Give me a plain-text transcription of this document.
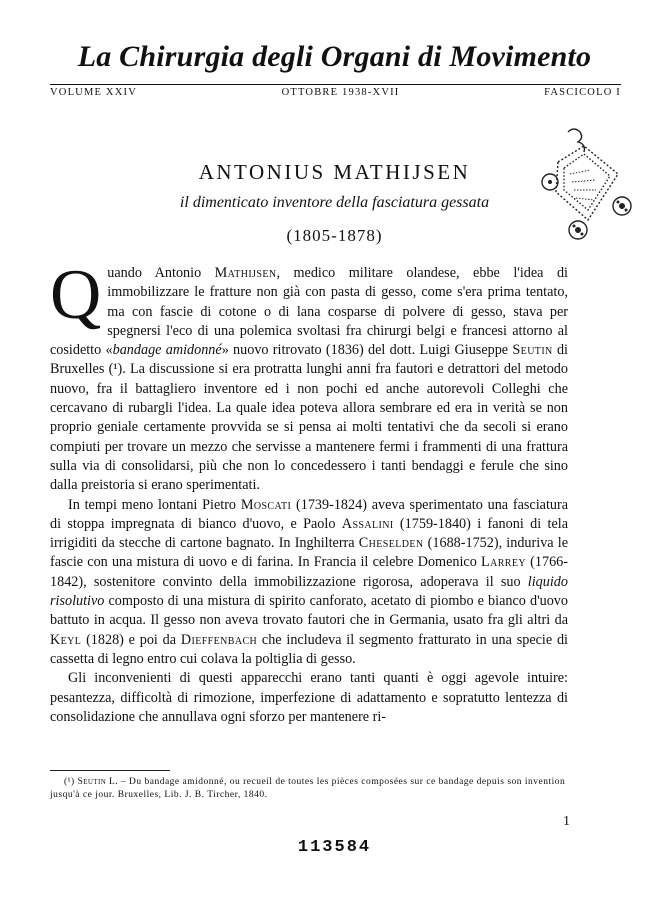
La Chirurgia degli Organi di Movimento
VOLUME XXIV	OTTOBRE 1938-XVII	FASCICOLO I
ANTONIUS MATHIJSEN
il dimenticato inventore della fasciatura gessata
(1805-1878)

Quando Antonio Mathijsen, medico militare olandese, ebbe l'idea di immobilizzare le fratture non già con pasta di gesso, come s'era prima tentato, ma con fascie di cotone o di lana cosparse di polvere di gesso, stava per spegnersi l'eco di una polemica svoltasi fra chirurgi belgi e francesi attorno al cosidetto «bandage amidonné» nuovo ritrovato (1836) del dott. Luigi Giuseppe Seutin di Bruxelles (¹). La discussione si era protratta lunghi anni fra fautori e detrattori del metodo nuovo, fra il battagliero inventore ed i non pochi ed anche autorevoli Colleghi che cercavano di rubargli l'idea. La quale idea poteva allora sembrare ed era in verità se non proprio geniale certamente provvida se si pensa ai molti tentativi che da secoli si erano compiuti per trovare un mezzo che servisse a mantenere fermi i frammenti di una frattura sulla via di consolidarsi, più che non lo concedessero i tanti bendaggi e ferule che sino dalla preistoria si erano sperimentati.

In tempi meno lontani Pietro Moscati (1739-1824) aveva sperimentato una fasciatura di stoppa impregnata di bianco d'uovo, e Paolo Assalini (1759-1840) i fanoni di tela irrigiditi da stecche di cartone bagnato. In Inghilterra Cheselden (1688-1752), induriva le fascie con una mistura di uovo e di farina. In Francia il celebre Domenico Larrey (1766-1842), sostenitore convinto della immobilizzazione rigorosa, adoperava il suo liquido risolutivo composto di una mistura di spirito canforato, acetato di piombo e bianco d'uovo battuto in acqua. Il gesso non aveva trovato fautori che in Germania, usato fra gli altri da Keyl (1828) e poi da Dieffenbach che includeva il segmento fratturato in una specie di cassetta di legno entro cui colava la poltiglia di gesso.

Gli inconvenienti di questi apparecchi erano tanti quanti è oggi agevole intuire: pesantezza, difficoltà di rimozione, imperfezione di adattamento e sopratutto lentezza di consolidazione che annullava ogni sforzo per mantenere ri-

(¹) Seutin L. – Du bandage amidonné, ou recueil de toutes les pièces composées sur ce bandage depuis son invention jusqu'à ce jour. Bruxelles, Lib. J. B. Tircher, 1840.
1
113584
